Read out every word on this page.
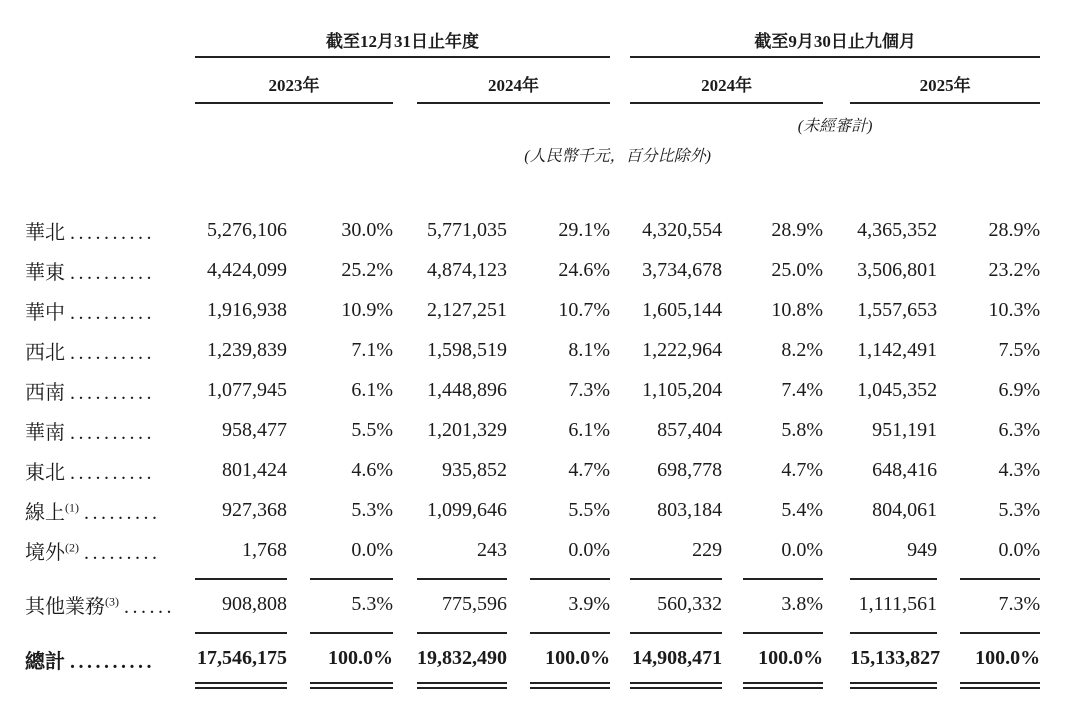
	截至12月31日止年度								截至9月30日止九個月						
	2023年				2024年				2024年				2025年		
									(未經審計)						
	(人民幣千元，百分比除外)														

華北 ..........	5,276,106		30.0%		5,771,035		29.1%		4,320,554		28.9%		4,365,352		28.9%
華東 ..........	4,424,099		25.2%		4,874,123		24.6%		3,734,678		25.0%		3,506,801		23.2%
華中 ..........	1,916,938		10.9%		2,127,251		10.7%		1,605,144		10.8%		1,557,653		10.3%
西北 ..........	1,239,839		7.1%		1,598,519		8.1%		1,222,964		8.2%		1,142,491		7.5%
西南 ..........	1,077,945		6.1%		1,448,896		7.3%		1,105,204		7.4%		1,045,352		6.9%
華南 ..........	958,477		5.5%		1,201,329		6.1%		857,404		5.8%		951,191		6.3%
東北 ..........	801,424		4.6%		935,852		4.7%		698,778		4.7%		648,416		4.3%
線上$^{(1)}$ .........	927,368		5.3%		1,099,646		5.5%		803,184		5.4%		804,061		5.3%
境外$^{(2)}$ .........	1,768		0.0%		243		0.0%		229		0.0%		949		0.0%
其他業務$^{(3)}$ ......	908,808		5.3%		775,596		3.9%		560,332		3.8%		1,111,561		7.3%
總計 ..........	17,546,175		100.0%		19,832,490		100.0%		14,908,471		100.0%		15,133,827		100.0%
